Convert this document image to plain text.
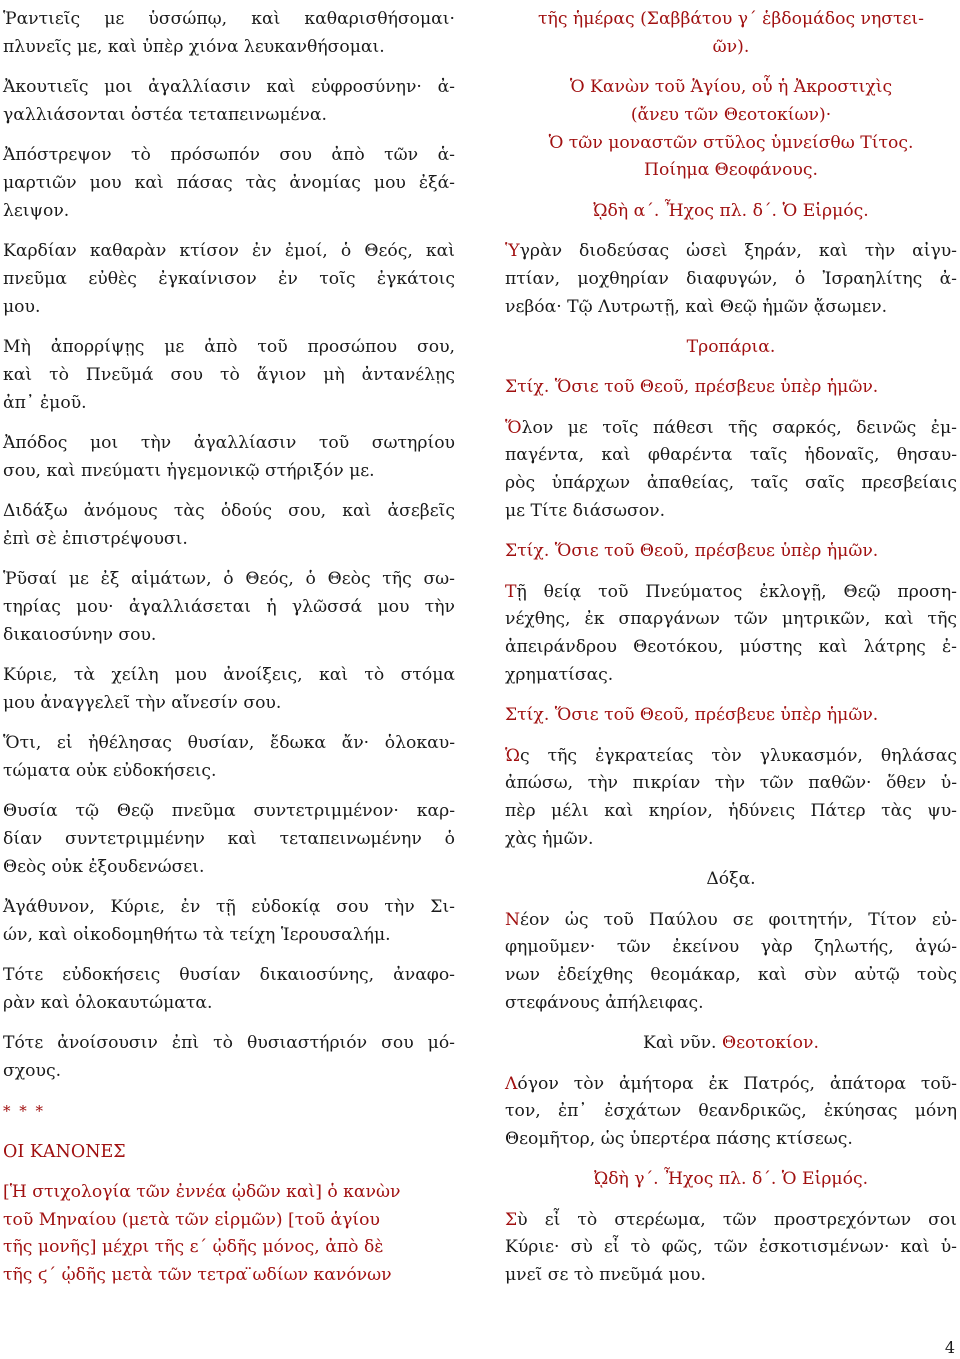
Ῥαντιεῖς με ὑσσώπῳ, καὶ καθαρισθήσομαι·
πλυνεῖς με, καὶ ὑπὲρ χιόνα λευκανθήσομαι.

Ἀκουτιεῖς μοι ἀγαλλίασιν καὶ εὐφροσύνην· ἀ-
γαλλιάσονται ὀστέα τεταπεινωμένα.

Ἀπόστρεψον τὸ πρόσωπόν σου ἀπὸ τῶν ἁ-
μαρτιῶν μου καὶ πάσας τὰς ἀνομίας μου ἐξά-
λειψον.

Καρδίαν καθαρὰν κτίσον ἐν ἐμοί, ὁ Θεός, καὶ
πνεῦμα εὐθὲς ἐγκαίνισον ἐν τοῖς ἐγκάτοις
μου.

Μὴ ἀπορρίψῃς με ἀπὸ τοῦ προσώπου σου,
καὶ τὸ Πνεῦμά σου τὸ ἅγιον μὴ ἀντανέλῃς
ἀπ᾿ ἐμοῦ.

Ἀπόδος μοι τὴν ἀγαλλίασιν τοῦ σωτηρίου
σου, καὶ πνεύματι ἡγεμονικῷ στήριξόν με.

Διδάξω ἀνόμους τὰς ὁδούς σου, καὶ ἀσεβεῖς
ἐπὶ σὲ ἐπιστρέψουσι.

Ῥῦσαί με ἐξ αἱμάτων, ὁ Θεός, ὁ Θεὸς τῆς σω-
τηρίας μου· ἀγαλλιάσεται ἡ γλῶσσά μου τὴν
δικαιοσύνην σου.

Κύριε, τὰ χείλη μου ἀνοίξεις, καὶ τὸ στόμα
μου ἀναγγελεῖ τὴν αἴνεσίν σου.

Ὅτι, εἰ ἠθέλησας θυσίαν, ἔδωκα ἄν· ὁλοκαυ-
τώματα οὐκ εὐδοκήσεις.

Θυσία τῷ Θεῷ πνεῦμα συντετριμμένον· καρ-
δίαν συντετριμμένην καὶ τεταπεινωμένην ὁ
Θεὸς οὐκ ἐξουδενώσει.

Ἀγάθυνον, Κύριε, ἐν τῇ εὐδοκίᾳ σου τὴν Σι-
ών, καὶ οἰκοδομηθήτω τὰ τείχη Ἱερουσαλήμ.

Τότε εὐδοκήσεις θυσίαν δικαιοσύνης, ἀναφο-
ρὰν καὶ ὁλοκαυτώματα.

Τότε ἀνοίσουσιν ἐπὶ τὸ θυσιαστήριόν σου μό-
σχους.

* * *

ΟΙ ΚΑΝΟΝΕΣ

[Ἡ στιχολογία τῶν ἐννέα ᾠδῶν καὶ] ὁ κανὼν
τοῦ Μηναίου (μετὰ τῶν εἱρμῶν) [τοῦ ἁγίου
τῆς μονῆς] μέχρι τῆς ε΄ ᾠδῆς μόνος, ἀπὸ δὲ
τῆς ϛ΄ ᾠδῆς μετὰ τῶν τετρα ̈ωδίων κανόνων

τῆς ἡμέρας (Σαββάτου γ΄ ἑβδομάδος νηστει-
ῶν).

Ὁ Κανὼν τοῦ Ἁγίου, οὗ ἡ Ἀκροστιχὶς
(ἄνευ τῶν Θεοτοκίων)·
Ὁ τῶν μοναστῶν στῦλος ὑμνείσθω Τίτος.
Ποίημα Θεοφάνους.

ᾨδὴ α΄. Ἦχος πλ. δ΄. Ὁ Εἱρμός.

Ὑγρὰν διοδεύσας ὡσεὶ ξηράν, καὶ τὴν αἰγυ-
πτίαν, μοχθηρίαν διαφυγών, ὁ Ἰσραηλίτης ἀ-
νεβόα· Τῷ Λυτρωτῇ, καὶ Θεῷ ἡμῶν ᾄσωμεν.

Τροπάρια.

Στίχ. Ὅσιε τοῦ Θεοῦ, πρέσβευε ὑπὲρ ἡμῶν.

Ὅλον με τοῖς πάθεσι τῆς σαρκός, δεινῶς ἐμ-
παγέντα, καὶ φθαρέντα ταῖς ἡδοναῖς, θησαυ-
ρὸς ὑπάρχων ἀπαθείας, ταῖς σαῖς πρεσβείαις
με Τίτε διάσωσον.

Στίχ. Ὅσιε τοῦ Θεοῦ, πρέσβευε ὑπὲρ ἡμῶν.

Τῇ θείᾳ τοῦ Πνεύματος ἐκλογῇ, Θεῷ προση-
νέχθης, ἐκ σπαργάνων τῶν μητρικῶν, καὶ τῆς
ἀπειράνδρου Θεοτόκου, μύστης καὶ λάτρης ἐ-
χρηματίσας.

Στίχ. Ὅσιε τοῦ Θεοῦ, πρέσβευε ὑπὲρ ἡμῶν.

Ὡς τῆς ἐγκρατείας τὸν γλυκασμόν, θηλάσας
ἀπώσω, τὴν πικρίαν τὴν τῶν παθῶν· ὅθεν ὑ-
πὲρ μέλι καὶ κηρίον, ἡδύνεις Πάτερ τὰς ψυ-
χὰς ἡμῶν.

Δόξα.

Νέον ὡς τοῦ Παύλου σε φοιτητήν, Τίτον εὐ-
φημοῦμεν· τῶν ἐκείνου γὰρ ζηλωτής, ἀγώ-
νων ἐδείχθης θεομάκαρ, καὶ σὺν αὐτῷ τοὺς
στεφάνους ἀπήλειφας.

Καὶ νῦν. Θεοτοκίον.

Λόγον τὸν ἀμήτορα ἐκ Πατρός, ἀπάτορα τοῦ-
τον, ἐπ᾿ ἐσχάτων θεανδρικῶς, ἐκύησας μόνη
Θεομῆτορ, ὡς ὑπερτέρα πάσης κτίσεως.

ᾨδὴ γ΄. Ἦχος πλ. δ΄. Ὁ Εἱρμός.

Σὺ εἶ τὸ στερέωμα, τῶν προστρεχόντων σοι
Κύριε· σὺ εἶ τὸ φῶς, τῶν ἐσκοτισμένων· καὶ ὑ-
μνεῖ σε τὸ πνεῦμά μου.

4
